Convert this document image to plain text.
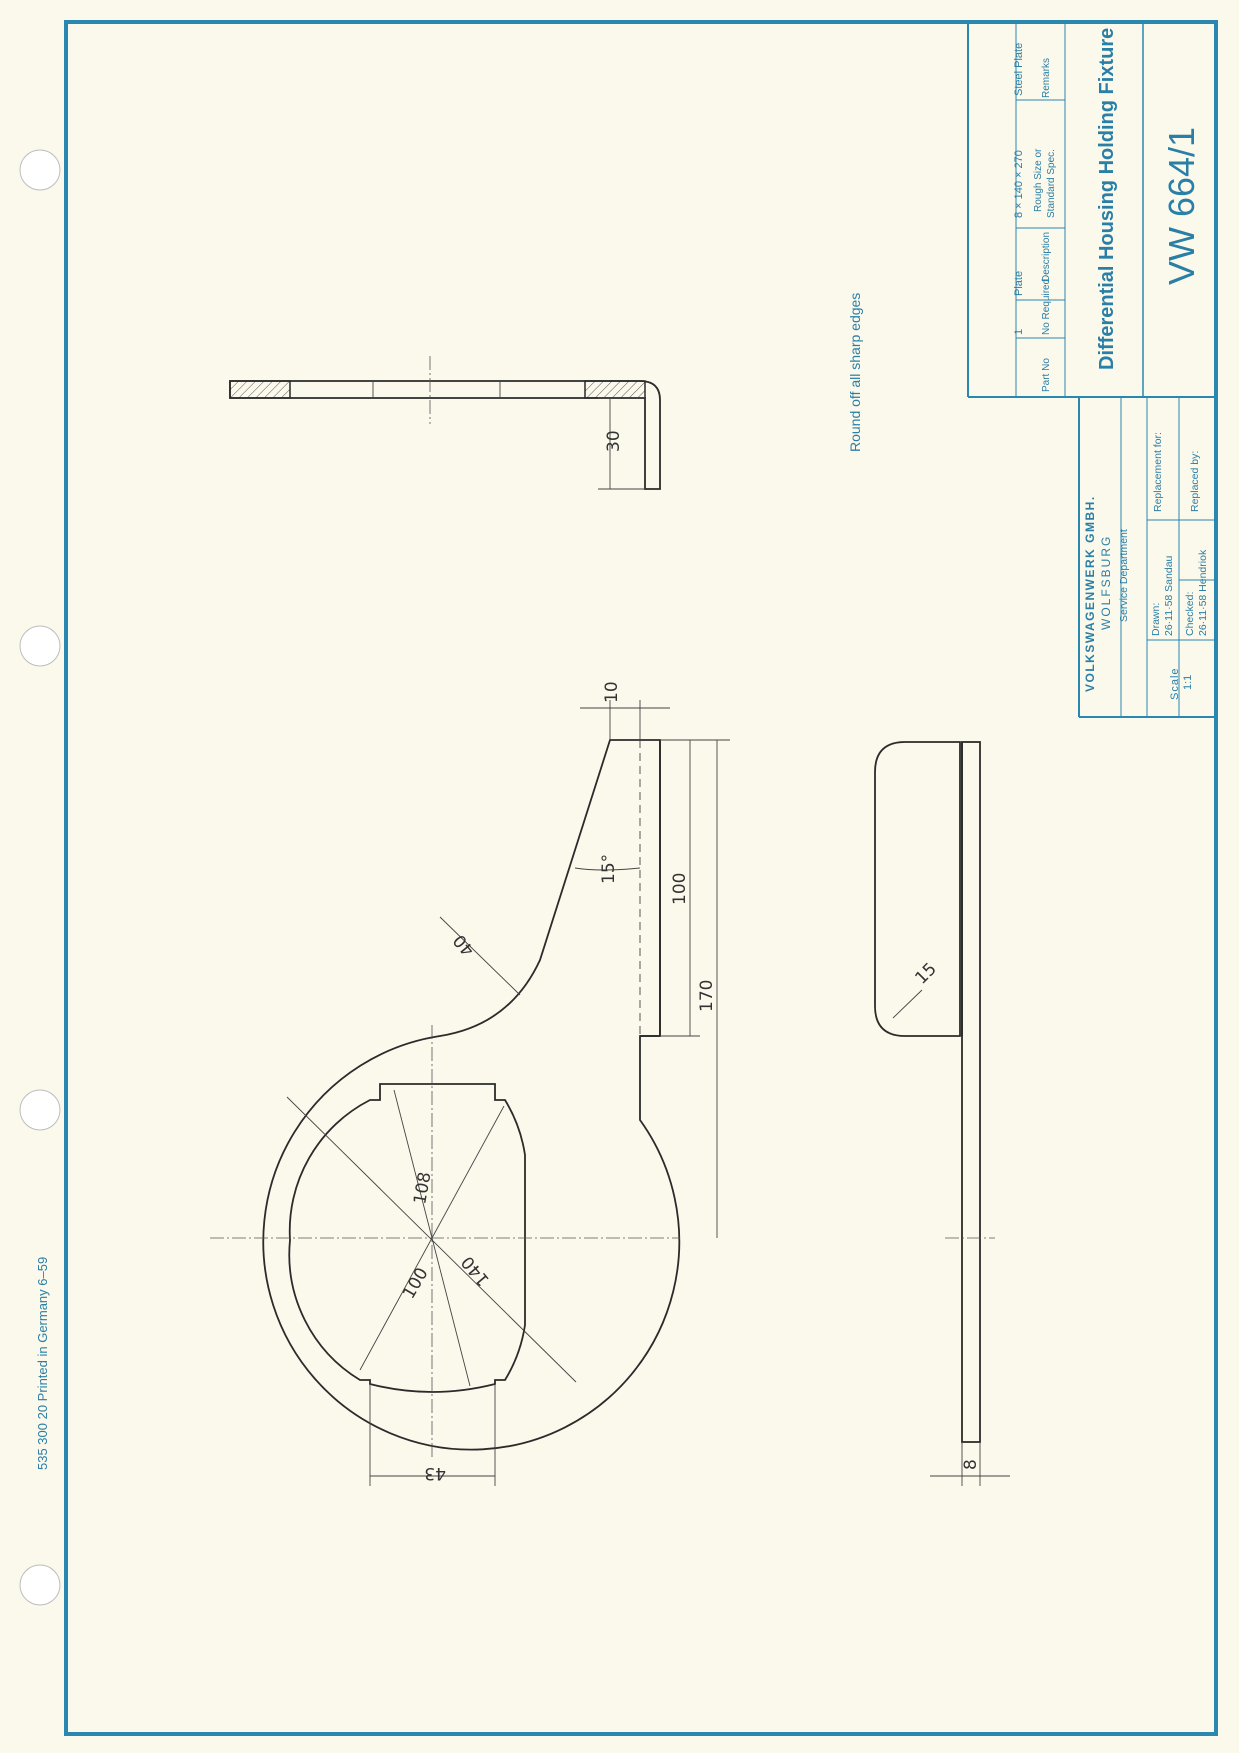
535 300 20 Printed in Germany 6–59
1
Plate
8 × 140 × 270
Steel Plate
Part No
No Required
Description
Rough Size or Standard Spec.
Remarks Differential Housing Holding Fixture VW 664/1
VOLKSWAGENWERK GMBH. WOLFSBURG Service Department
Scale 1:1
Drawn: 26·11·58 Sandau Checked: 26·11·58 Hendriok
Replacement for: Replaced by:
Round off all sharp edges
30
10
15°
40
100
170
108
100 140
43
15
8
